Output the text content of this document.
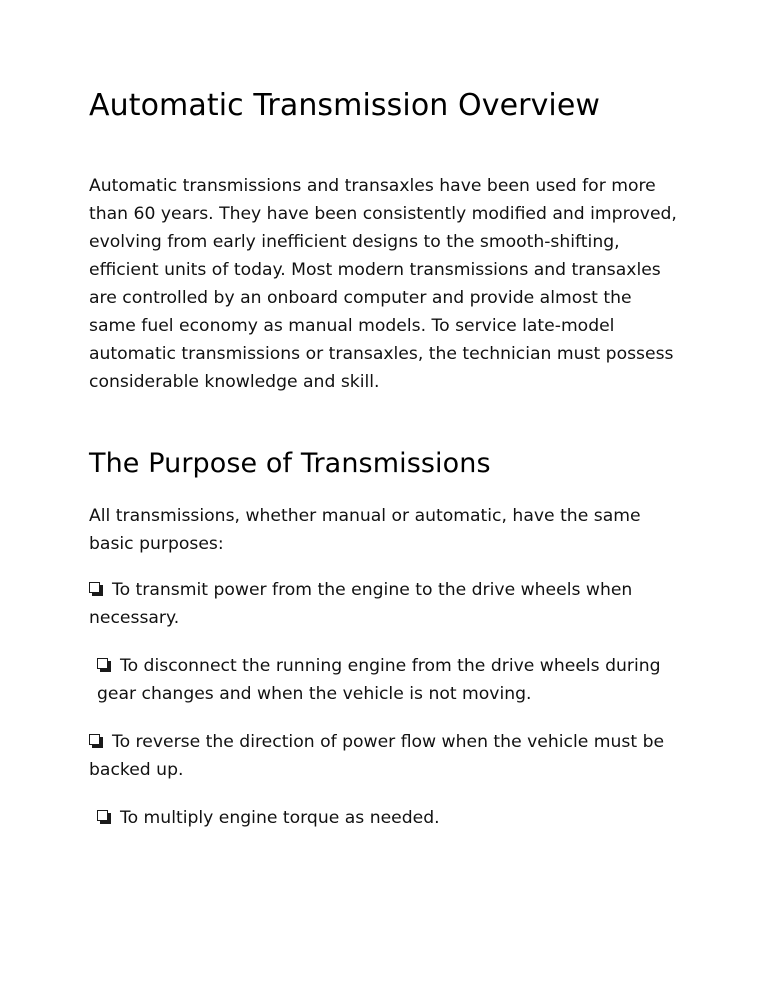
Automatic Transmission Overview

Automatic transmissions and transaxles have been used for more than 60 years. They have been consistently modified and improved, evolving from early inefficient designs to the smooth-shifting, efficient units of today. Most modern transmissions and transaxles are controlled by an onboard computer and provide almost the same fuel economy as manual models. To service late-model automatic transmissions or transaxles, the technician must possess considerable knowledge and skill.

The Purpose of Transmissions

All transmissions, whether manual or automatic, have the same basic purposes:

To transmit power from the engine to the drive wheels when necessary.
To disconnect the running engine from the drive wheels during gear changes and when the vehicle is not moving.
To reverse the direction of power flow when the vehicle must be backed up.
To multiply engine torque as needed.
